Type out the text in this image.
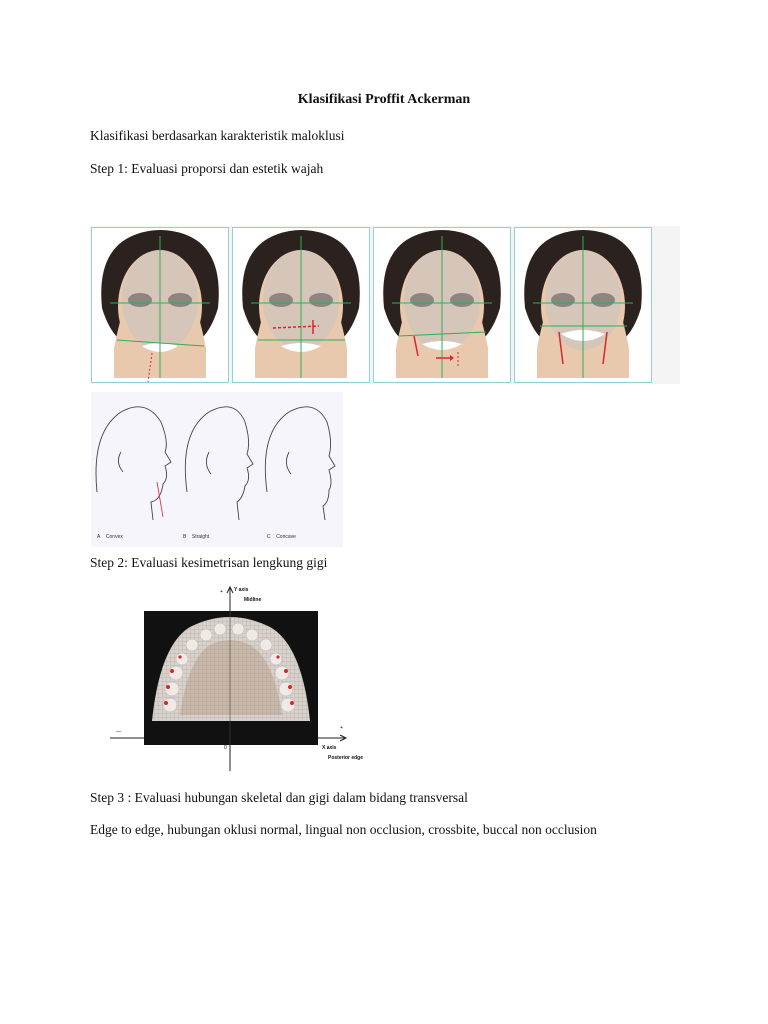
Klasifikasi Proffit Ackerman
Klasifikasi berdasarkan karakteristik maloklusi
Step 1: Evaluasi proporsi dan estetik wajah
A Convex	B Straight	C Concave
Step 2: Evaluasi kesimetrisan lengkung gigi
Y axis
Midline
+
+
—
0	X axis
Posterior edge
Step 3 : Evaluasi hubungan skeletal dan gigi dalam bidang transversal
Edge to edge, hubungan oklusi normal, lingual non occlusion, crossbite, buccal non occlusion
